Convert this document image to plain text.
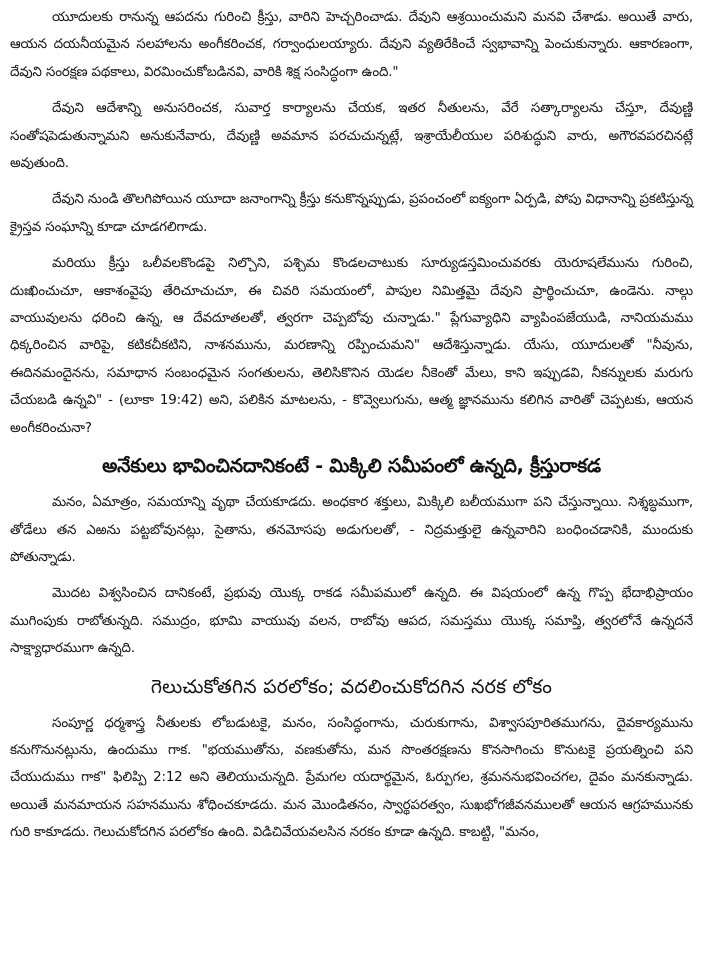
యూదులకు రానున్న ఆపదను గురించి క్రీస్తు, వారిని హెచ్చరించాడు. దేవుని ఆశ్రయించుమని మనవి చేశాడు. అయితే వారు, ఆయన దయనీయమైన సలహాలను అంగీకరించక, గర్వాంధులయ్యారు. దేవుని వ్యతిరేకించే స్వభావాన్ని పెంచుకున్నారు. ఆకారణంగా, దేవుని సంరక్షణ పథకాలు, విరమించుకోబడినవి, వారికి శిక్ష సంసిద్ధంగా ఉంది."

దేవుని ఆదేశాన్ని అనుసరించక, సువార్త కార్యాలను చేయక, ఇతర నీతులను, వేరే సత్కార్యాలను చేస్తూ, దేవుణ్ణి సంతోషపెడుతున్నామని అనుకునేవారు, దేవుణ్ణి అవమాన పరచుచున్నట్లే, ఇశ్రాయేలీయుల పరిశుద్ధుని వారు, అగౌరవపరచినట్లే అవుతుంది.

దేవుని నుండి తొలగిపోయిన యూదా జనాంగాన్ని క్రీస్తు కనుకొన్నప్పుడు, ప్రపంచంలో ఐక్యంగా ఏర్పడి, పోపు విధానాన్ని ప్రకటిస్తున్న క్రైస్తవ సంఘాన్ని కూడా చూడగలిగాడు.

మరియు క్రీస్తు ఒలీవలకొండపై నిల్చొని, పశ్చిమ కొండలచాటుకు సూర్యుడస్తమించువరకు యెరూషలేమును గురించి, దుఃఖించుచూ, ఆకాశంవైపు తేరిచూచుచూ, ఈ చివరి సమయంలో, పాపుల నిమిత్తమై దేవుని ప్రార్థించుచూ, ఉండెను. నాల్గు వాయువులను ధరించి ఉన్న, ఆ దేవదూతలతో, త్వరగా చెప్పబోవు చున్నాడు." ప్లేగువ్యాధిని వ్యాపింపజేయుడి, నానియమము ధిక్కరించిన వారిపై, కటికచీకటిని, నాశనమును, మరణాన్ని రప్పించుమని" ఆదేశిస్తున్నాడు. యేసు, యూదులతో "నీవును, ఈదినమందైనను, సమాధాన సంబంధమైన సంగతులను, తెలిసికొనిన యెడల నీకెంతో మేలు, కాని ఇప్పుడవి, నీకన్నులకు మరుగు చేయబడి ఉన్నవి" - (లూకా 19:42) అని, పలికిన మాటలను, - కొవ్వెలుగును, ఆత్మ జ్ఞానమును కలిగిన వారితో చెప్పటకు, ఆయన అంగీకరించునా?

అనేకులు భావించినదానికంటే - మిక్కిలి సమీపంలో ఉన్నది, క్రీస్తురాకడ

మనం, ఏమాత్రం, సమయాన్ని వృథా చేయకూడదు. అంధకార శక్తులు, మిక్కిలి బలీయముగా పని చేస్తున్నాయి. నిశ్శబ్ధముగా, తోడేలు తన ఎఱను పట్టబోవునట్లు, సైతాను, తనమోసపు అడుగులతో, - నిద్రమత్తులై ఉన్నవారిని బంధించడానికి, ముందుకు పోతున్నాడు.

మొదట విశ్వసించిన దానికంటే, ప్రభువు యొక్క రాకడ సమీపములో ఉన్నది. ఈ విషయంలో ఉన్న గొప్ప భేదాభిప్రాయం ముగింపుకు రాబోతున్నది. సముద్రం, భూమి వాయువు వలన, రాబోవు ఆపద, సమస్తము యొక్క సమాప్తి, త్వరలోనే ఉన్నదనే సాక్ష్యాధారముగా ఉన్నది.

గెలుచుకోతగిన పరలోకం; వదలించుకోదగిన నరక లోకం

సంపూర్ణ ధర్మశాస్త్ర నీతులకు లోబడుటకై, మనం, సంసిద్ధంగాను, చురుకుగాను, విశ్వాసపూరితముగను, దైవకార్యమును కనుగొనునట్లును, ఉందుము గాక. "భయముతోను, వణకుతోను, మన సొంతరక్షణను కొనసాగించు కొనుటకై ప్రయత్నించి పని చేయుదుము గాక" ఫిలిప్పి 2:12 అని తెలియుచున్నది. ప్రేమగల యదార్థమైన, ఓర్పుగల, శ్రమననుభవించగల, దైవం మనకున్నాడు. అయితే మనమాయన సహనమును శోధించకూడదు. మన మొండితనం, స్వార్థపరత్వం, సుఖభోగజీవనములతో ఆయన ఆగ్రహమునకు గురి కాకూడదు. గెలుచుకోదగిన పరలోకం ఉంది. విడిచివేయవలసిన నరకం కూడా ఉన్నది. కాబట్టి, "మనం,
